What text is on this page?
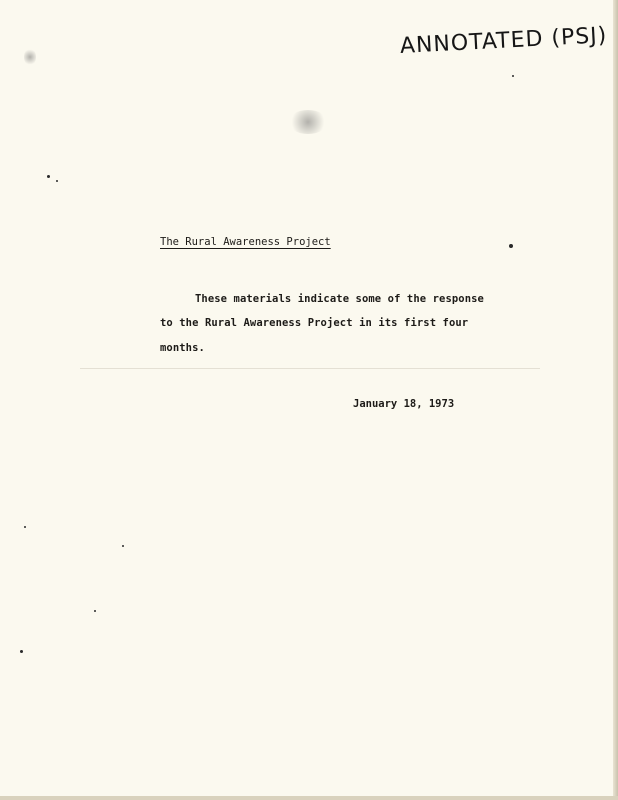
ANNOTATED (PSJ)
The Rural Awareness Project
These materials indicate some of the response
to the Rural Awareness Project in its first four
months.
January 18, 1973
